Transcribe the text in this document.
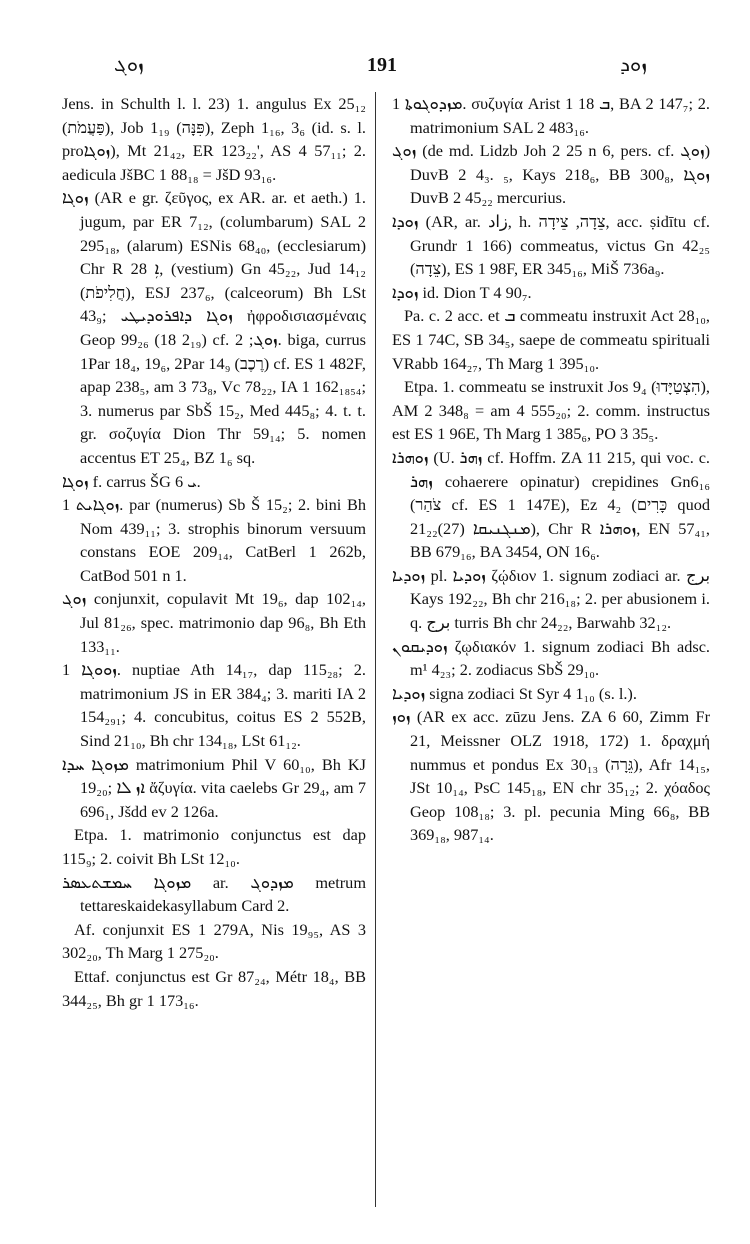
ܙܘܓ	191	ܙܘܕ

Jens. in Schulth l. l. 23) 1. angulus Ex 25₁₂ (פַּעֲמֹת), Job 1₁₉ (פִּנָּה), Zeph 1₁₆, 3₆ (id. s. l. proܙܘܓܐ), Mt 21₄₂, ER 123₂₂', AS 4 57₁₁; 2. aedicula JšBC 1 88₁₈ = JšD 93₁₆.

ܙܘܓܐ (AR e gr. ζεῦγος, ex AR. ar. et aeth.) 1. jugum, par ER 7₁₂, (columbarum) SAL 2 295₁₈, (alarum) ESNis 68₄₀, (ecclesiarum) Chr R ܐܼ 28, (vestium) Gn 45₂₂, Jud 14₁₂ (חֲלִיפֹת), ESJ 237₆, (calceorum) Bh LSt 43₉; ܙܘܓܐ ܕܐܦܪܘܕܝܛܝ ἠφροδισιασμέναις Geop 99₂₆ (18 2₁₉) cf. ܙܘܓ; 2. biga, currus 1Par 18₄, 19₆, 2Par 14₉ (רֶכֶב) cf. ES 1 482F, apap 238₅, am 3 73₈, Vc 78₂₂, IA 1 162₁₈₅₄; 3. numerus par SbŠ 15₂, Med 445₈; 4. t. t. gr. σοζυγία Dion Thr 59₁₄; 5. nomen accentus ET 25₄, BZ 1₆ sq.

ܙܘܓܐ f. carrus ŠG ܝ 6.

ܙܘܓܐܝܬ 1. par (numerus) Sb Š 15₂; 2. bini Bh Nom 439₁₁; 3. strophis binorum versuum constans EOE 209₁₄, CatBerl 1 262b, CatBod 501 n 1.

ܙܘܓ conjunxit, copulavit Mt 19₆, dap 102₁₄, Jul 81₂₆, spec. matrimonio dap 96₈, Bh Eth 133₁₁.

ܙܘܘܓܐ 1. nuptiae Ath 14₁₇, dap 115₂₈; 2. matrimonium JS in ER 384₄; 3. mariti IA 2 154₂₉₁; 4. concubitus, coitus ES 2 552B, Sind 21₁₀, Bh chr 134₁₈, LSt 61₁₂.

ܡܙܘܓܐ ܚܕܐ matrimonium Phil V 60₁₀, Bh KJ 19₂₀; ܐܙ ܠܐ ἄζυγία. vita caelebs Gr 29₄, am 7 696₁, Jšdd ev 2 126a.

Etpa. 1. matrimonio conjunctus est dap 115₉; 2. coivit Bh LSt 12₁₀.

ܡܙܘܓܐ ܚܡܫܬܥܣܪ ar. ܡܙܕܘܓ metrum tettareskaidekasyllabum Card 2.

Af. conjunxit ES 1 279A, Nis 19₉₅, AS 3 302₂₀, Th Marg 1 275₂₀.

Ettaf. conjunctus est Gr 87₂₄, Métr 18₄, BB 344₂₅, Bh gr 1 173₁₆.

ܡܙܕܘܓܘܬܐ 1. συζυγία Arist 1 ܒ 18, BA 2 147₇; 2. matrimonium SAL 2 483₁₆.

ܙܘܓ (de md. Lidzb Joh 2 25 n 6, pers. cf. ܙܘܓ) DuvB 2 4₃. ₅, Kays 218₆, BB 300₈, ܙܘܓܐ DuvB 2 45₂₂ mercurius.

ܙܘܕܐ (AR, ar. زاد, h. צֵדָה, צֵידָה, acc. ṣidītu cf. Grundr 1 166) commeatus, victus Gn 42₂₅ (צֵדָה), ES 1 98F, ER 345₁₆, MiŠ 736a₉.

ܙܘܕܐ id. Dion T 4 90₇.

Pa. c. 2 acc. et ܒ commeatu instruxit Act 28₁₀, ES 1 74C, SB 34₅, saepe de commeatu spirituali VRabb 164₂₇, Th Marg 1 395₁₀.

Etpa. 1. commeatu se instruxit Jos 9₄ (הִצְטַיָּדוּ), AM 2 348₈ = am 4 555₂₀; 2. comm. instructus est ES 1 96E, Th Marg 1 385₆, PO 3 35₅.

ܙܘܗܪܐ (U. ܙܗܪ cf. Hoffm. ZA 11 215, qui voc. c. ܙܗܪ cohaerere opinatur) crepidines Gn6₁₆ (צֹהַר cf. ES 1 147E), Ez 4₂ (כָּרִים quod 21₂₂(27) ܡܢܓܢܝܩܐ), Chr R ܙܘܗܪܐ, EN 57₄₁, BB 679₁₆, BA 3454, ON 16₆.

ܙܘܕܝܐ pl. ܙܘܕܝܐ ζῴδιον 1. signum zodiaci ar. برج Kays 192₂₂, Bh chr 216₁₈; 2. per abusionem i. q. برج turris Bh chr 24₂₂, Barwahb 32₁₂.

ܙܘܕܝܩܘܢ ζῳδιακόν 1. signum zodiaci Bh adsc. m¹ 4₂₃; 2. zodiacus SbŠ 29₁₀.

ܙܘܕܝܐ signa zodiaci St Syr 4 1₁₀ (s. l.).

ܙܘܙ (AR ex acc. zūzu Jens. ZA 6 60, Zimm Fr 21, Meissner OLZ 1918, 172) 1. δραχμή nummus et pondus Ex 30₁₃ (גֵּרָה), Afr 14₁₅, JSt 10₁₄, PsC 145₁₈, EN chr 35₁₂; 2. χόαδος Geop 108₁₈; 3. pl. pecunia Ming 66₈, BB 369₁₈, 987₁₄.
